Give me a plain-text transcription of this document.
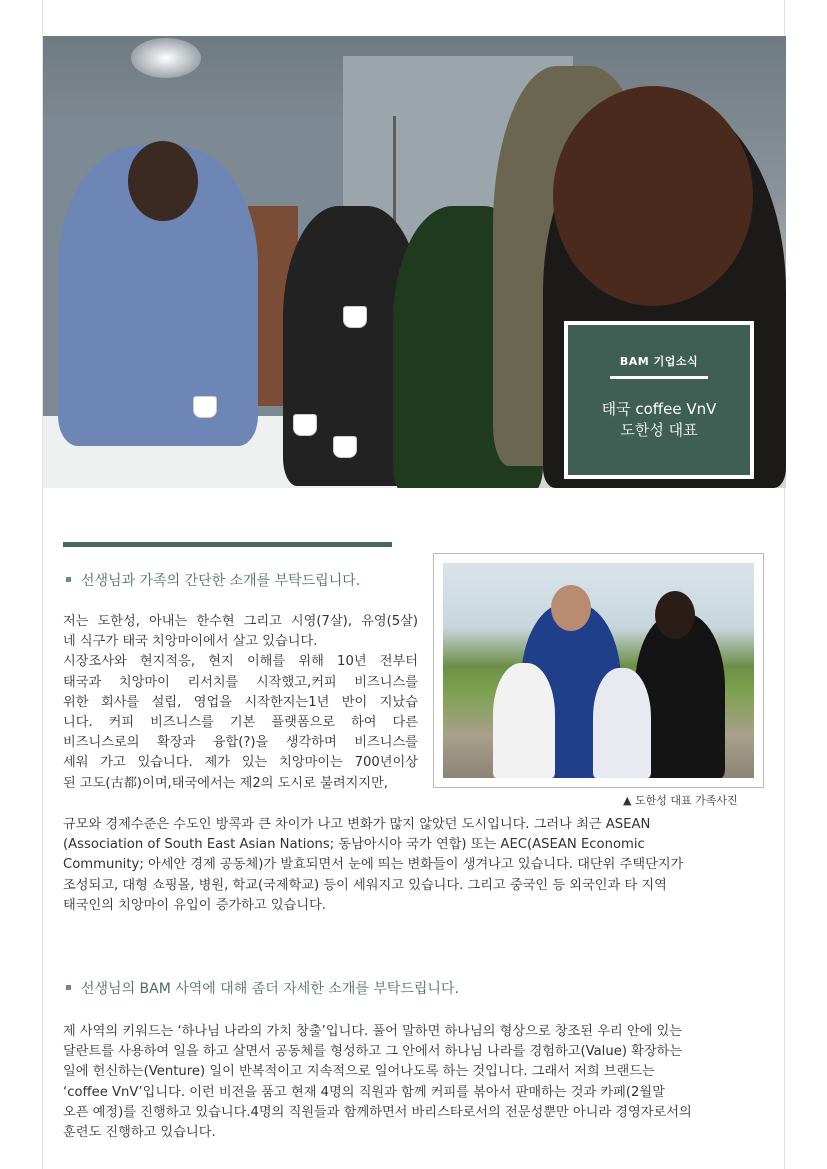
BAM 기업소식
태국 coffee VnV
도한성 대표
선생님과 가족의 간단한 소개를 부탁드립니다.
▲ 도한성 대표 가족사진
저는 도한성, 아내는 한수현 그리고 시영(7살), 유영(5살)
네 식구가 태국 치앙마이에서 살고 있습니다.
시장조사와 현지적응, 현지 이해를 위해 10년 전부터
태국과 치앙마이 리서치를 시작했고,커피 비즈니스를
위한 회사를 설립, 영업을 시작한지는1년 반이 지났습
니다. 커피 비즈니스를 기본 플랫폼으로 하여 다른
비즈니스로의 확장과 융합(?)을 생각하며 비즈니스를
세워 가고 있습니다. 제가 있는 치앙마이는 700년이상
된 고도(古都)이며,태국에서는 제2의 도시로 불려지지만,
규모와 경제수준은 수도인 방콕과 큰 차이가 나고 변화가 많지 않았던 도시입니다. 그러나 최근 ASEAN
(Association of South East Asian Nations; 동남아시아 국가 연합) 또는 AEC(ASEAN Economic
Community; 아세안 경제 공동체)가 발효되면서 눈에 띄는 변화들이 생겨나고 있습니다. 대단위 주택단지가
조성되고, 대형 쇼핑몰, 병원, 학교(국제학교) 등이 세워지고 있습니다. 그리고 중국인 등 외국인과 타 지역
태국인의 치앙마이 유입이 증가하고 있습니다.
선생님의 BAM 사역에 대해 좀더 자세한 소개를 부탁드립니다.
제 사역의 키워드는 ‘하나님 나라의 가치 창출’입니다. 풀어 말하면 하나님의 형상으로 창조된 우리 안에 있는
달란트를 사용하여 일을 하고 살면서 공동체를 형성하고 그 안에서 하나님 나라를 경험하고(Value) 확장하는
일에 헌신하는(Venture) 일이 반복적이고 지속적으로 일어나도록 하는 것입니다. 그래서 저희 브랜드는
‘coffee VnV’입니다. 이런 비전을 품고 현재 4명의 직원과 함께 커피를 볶아서 판매하는 것과 카페(2월말
오픈 예정)를 진행하고 있습니다.4명의 직원들과 함께하면서 바리스타로서의 전문성뿐만 아니라 경영자로서의
훈련도 진행하고 있습니다.
